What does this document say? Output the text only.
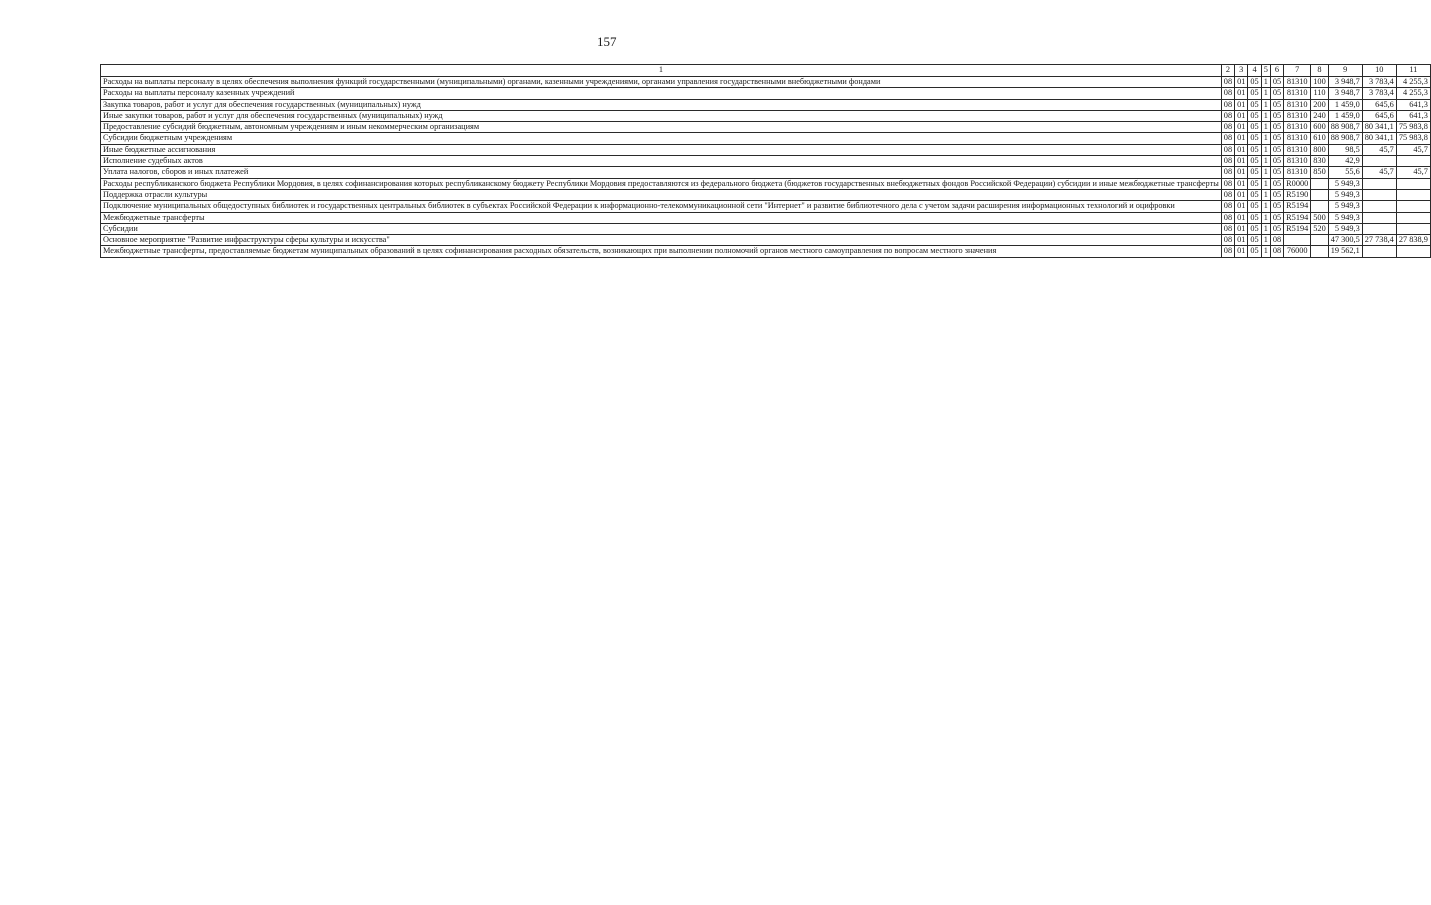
157
1	2	3	4	5	6	7	8	9	10	11
Расходы на выплаты персоналу в целях обеспечения выполнения функций государственными (муниципальными) органами, казенными учреждениями, органами управления государственными внебюджетными фондами	08	01	05	1	05	81310	100	3 948,7	3 783,4	4 255,3
Расходы на выплаты персоналу казенных учреждений	08	01	05	1	05	81310	110	3 948,7	3 783,4	4 255,3
Закупка товаров, работ и услуг для обеспечения государственных (муниципальных) нужд	08	01	05	1	05	81310	200	1 459,0	645,6	641,3
Иные закупки товаров, работ и услуг для обеспечения государственных (муниципальных) нужд	08	01	05	1	05	81310	240	1 459,0	645,6	641,3
Предоставление субсидий бюджетным, автономным учреждениям и иным некоммерческим организациям	08	01	05	1	05	81310	600	88 908,7	80 341,1	75 983,8
Субсидии бюджетным учреждениям	08	01	05	1	05	81310	610	88 908,7	80 341,1	75 983,8
Иные бюджетные ассигнования	08	01	05	1	05	81310	800	98,5	45,7	45,7
Исполнение судебных актов	08	01	05	1	05	81310	830	42,9		
Уплата налогов, сборов и иных платежей	08	01	05	1	05	81310	850	55,6	45,7	45,7
Расходы республиканского бюджета Республики Мордовия, в целях софинансирования которых республиканскому бюджету Республики Мордовия предоставляются из федерального бюджета (бюджетов государственных внебюджетных фондов Российской Федерации) субсидии и иные межбюджетные трансферты	08	01	05	1	05	R0000		5 949,3		
Поддержка отрасли культуры	08	01	05	1	05	R5190		5 949,3		
Подключение муниципальных общедоступных библиотек и государственных центральных библиотек в субъектах Российской Федерации к информационно-телекоммуникационной сети "Интернет" и развитие библиотечного дела с учетом задачи расширения информационных технологий и оцифровки	08	01	05	1	05	R5194		5 949,3		
Межбюджетные трансферты	08	01	05	1	05	R5194	500	5 949,3		
Субсидии	08	01	05	1	05	R5194	520	5 949,3		
Основное мероприятие "Развитие инфраструктуры сферы культуры и искусства"	08	01	05	1	08			47 300,5	27 738,4	27 838,9
Межбюджетные трансферты, предоставляемые бюджетам муниципальных образований в целях софинансирования расходных обязательств, возникающих при выполнении полномочий органов местного самоуправления по вопросам местного значения	08	01	05	1	08	76000		19 562,1		
